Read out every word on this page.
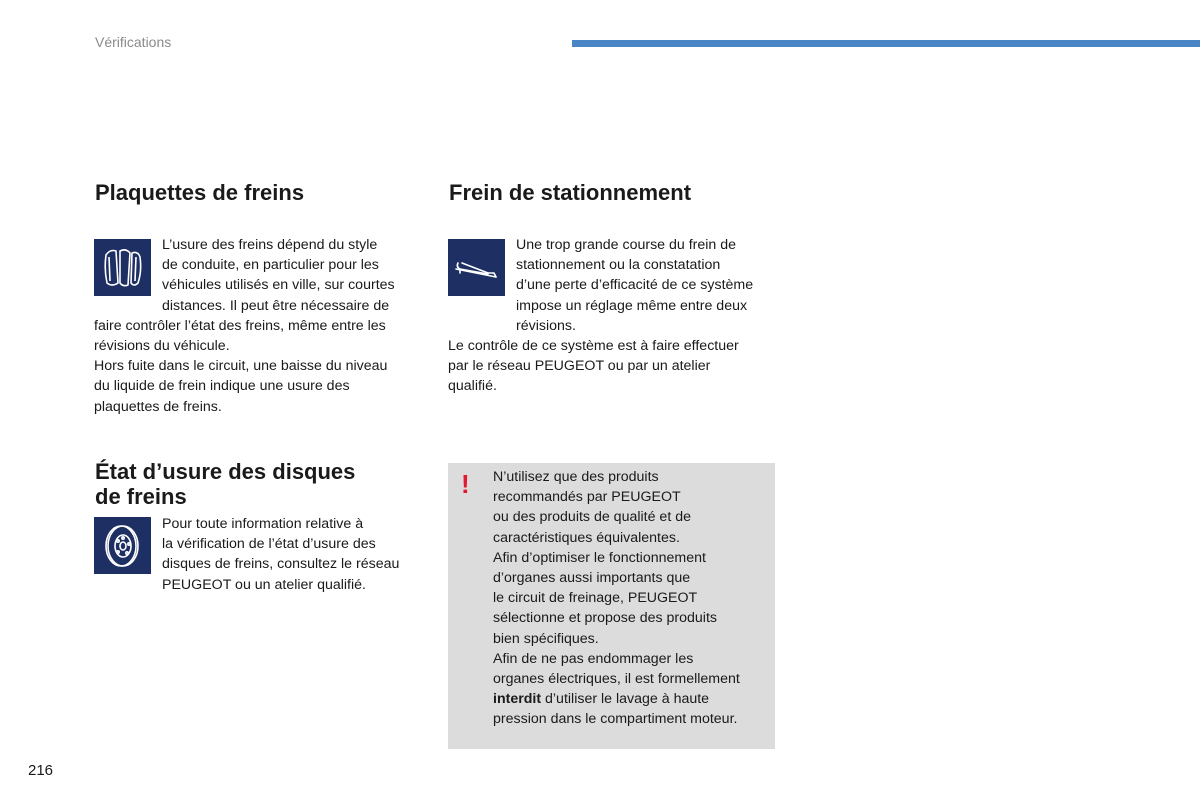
Vérifications
Plaquettes de freins

L’usure des freins dépend du style

de conduite, en particulier pour les

véhicules utilisés en ville, sur courtes

distances. Il peut être nécessaire de

faire contrôler l’état des freins, même entre les

révisions du véhicule.

Hors fuite dans le circuit, une baisse du niveau

du liquide de frein indique une usure des

plaquettes de freins.

Frein de stationnement

Une trop grande course du frein de

stationnement ou la constatation

d’une perte d’efficacité de ce système

impose un réglage même entre deux

révisions.

Le contrôle de ce système est à faire effectuer

par le réseau PEUGEOT ou par un atelier

qualifié.

État d’usure des disques
de freins

Pour toute information relative à

la vérification de l’état d’usure des

disques de freins, consultez le réseau

PEUGEOT ou un atelier qualifié.

! N’utilisez que des produits

recommandés par PEUGEOT

ou des produits de qualité et de

caractéristiques équivalentes.

Afin d’optimiser le fonctionnement

d’organes aussi importants que

le circuit de freinage, PEUGEOT

sélectionne et propose des produits

bien spécifiques.

Afin de ne pas endommager les

organes électriques, il est formellement

interdit d’utiliser le lavage à haute

pression dans le compartiment moteur.

216
